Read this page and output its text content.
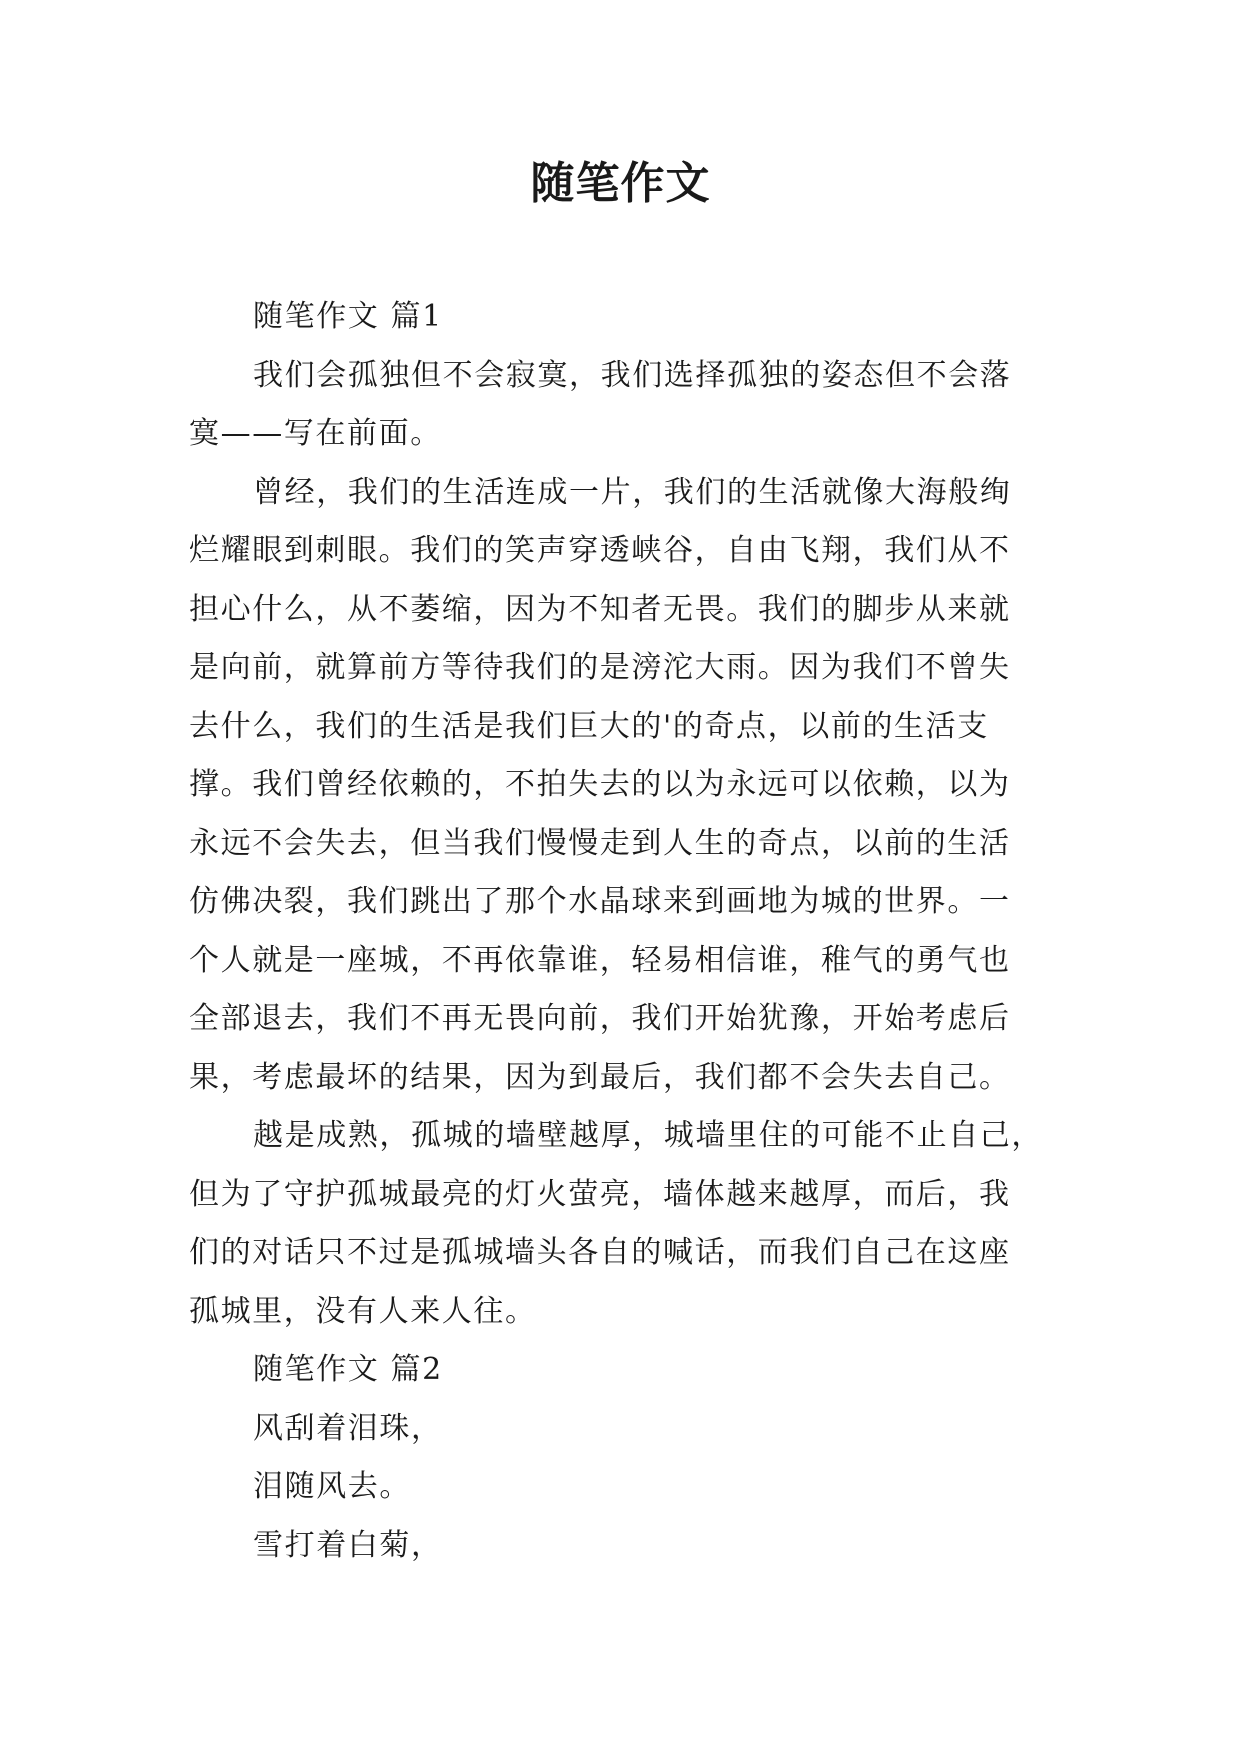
随笔作文
随笔作文 篇1
我们会孤独但不会寂寞，我们选择孤独的姿态但不会落
寞——写在前面。
曾经，我们的生活连成一片，我们的生活就像大海般绚
烂耀眼到刺眼。我们的笑声穿透峡谷，自由飞翔，我们从不
担心什么，从不萎缩，因为不知者无畏。我们的脚步从来就
是向前，就算前方等待我们的是滂沱大雨。因为我们不曾失
去什么，我们的生活是我们巨大的'的奇点，以前的生活支
撑。我们曾经依赖的，不拍失去的以为永远可以依赖，以为
永远不会失去，但当我们慢慢走到人生的奇点，以前的生活
仿佛决裂，我们跳出了那个水晶球来到画地为城的世界。一
个人就是一座城，不再依靠谁，轻易相信谁，稚气的勇气也
全部退去，我们不再无畏向前，我们开始犹豫，开始考虑后
果，考虑最坏的结果，因为到最后，我们都不会失去自己。
越是成熟，孤城的墙壁越厚，城墙里住的可能不止自己，
但为了守护孤城最亮的灯火萤亮，墙体越来越厚，而后，我
们的对话只不过是孤城墙头各自的喊话，而我们自己在这座
孤城里，没有人来人往。
随笔作文 篇2
风刮着泪珠，
泪随风去。
雪打着白菊，
